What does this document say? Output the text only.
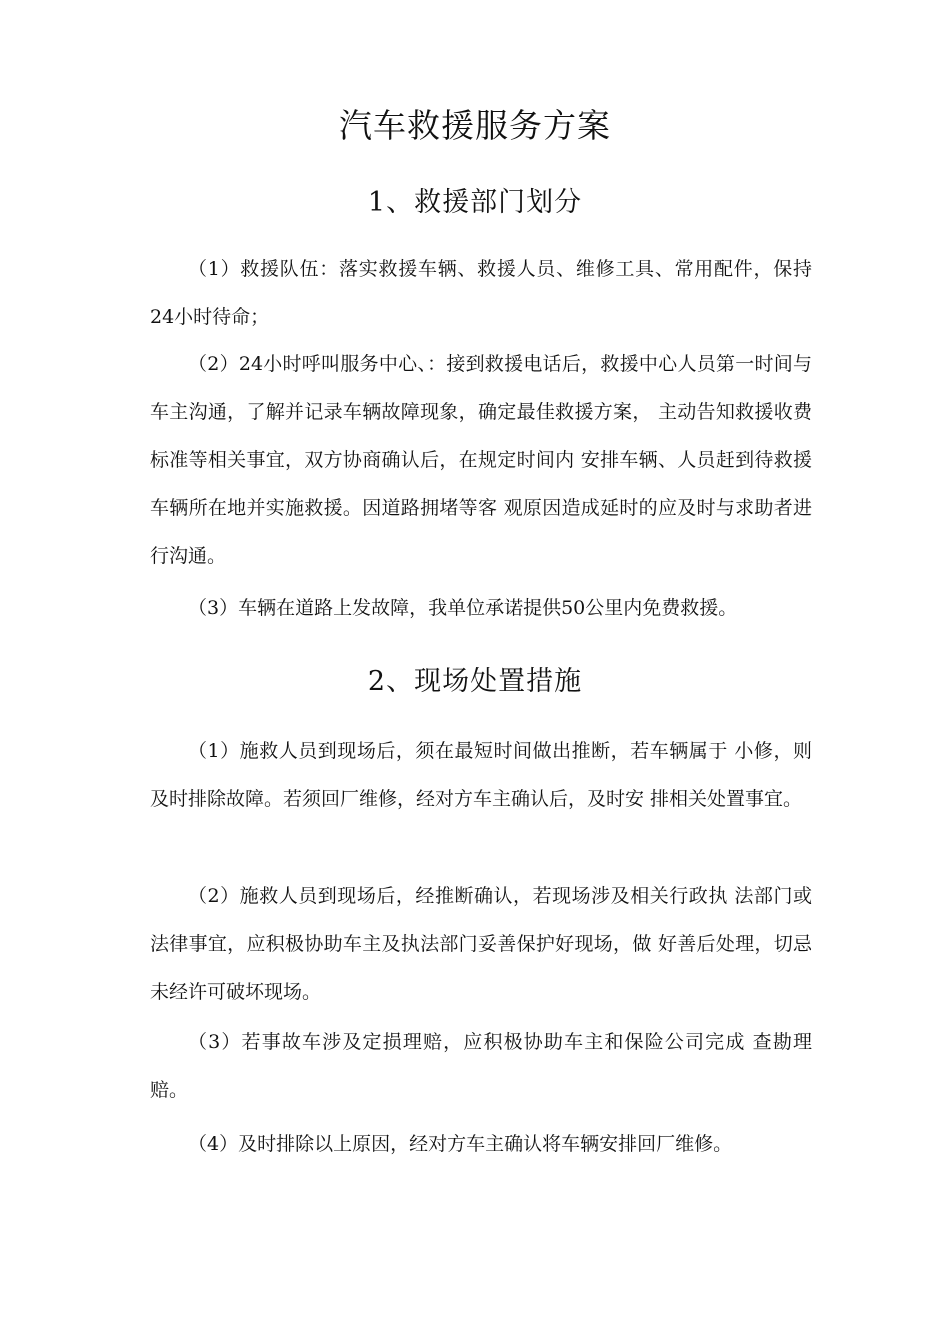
汽车救援服务方案
1、救援部门划分

（1）救援队伍：落实救援车辆、救援人员、维修工具、常用配件，保持24小时待命；

（2）24小时呼叫服务中心、：接到救援电话后，救援中心人员第一时间与车主沟通，了解并记录车辆故障现象，确定最佳救援方案， 主动告知救援收费标准等相关事宜，双方协商确认后，在规定时间内 安排车辆、人员赶到待救援车辆所在地并实施救援。因道路拥堵等客 观原因造成延时的应及时与求助者进行沟通。

（3）车辆在道路上发故障，我单位承诺提供50公里内免费救援。

2、现场处置措施

（1）施救人员到现场后，须在最短时间做出推断，若车辆属于 小修，则及时排除故障。若须回厂维修，经对方车主确认后，及时安 排相关处置事宜。

（2）施救人员到现场后，经推断确认，若现场涉及相关行政执 法部门或法律事宜，应积极协助车主及执法部门妥善保护好现场，做 好善后处理，切忌未经许可破坏现场。

（3）若事故车涉及定损理赔，应积极协助车主和保险公司完成 查勘理赔。

（4）及时排除以上原因，经对方车主确认将车辆安排回厂维修。
